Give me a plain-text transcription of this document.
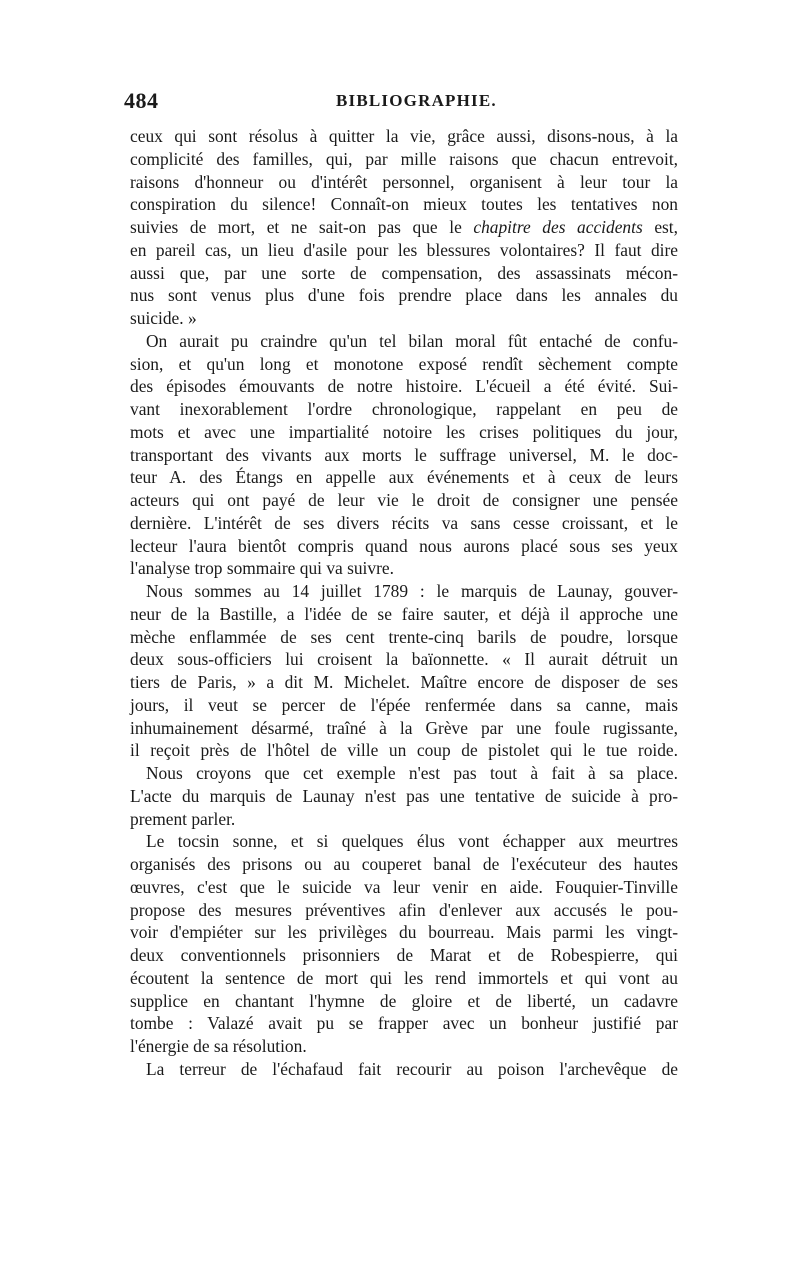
484	BIBLIOGRAPHIE.
ceux qui sont résolus à quitter la vie, grâce aussi, disons-nous, à la
complicité des familles, qui, par mille raisons que chacun entrevoit,
raisons d'honneur ou d'intérêt personnel, organisent à leur tour la
conspiration du silence! Connaît-on mieux toutes les tentatives non
suivies de mort, et ne sait-on pas que le chapitre des accidents est,
en pareil cas, un lieu d'asile pour les blessures volontaires? Il faut dire
aussi que, par une sorte de compensation, des assassinats mécon-
nus sont venus plus d'une fois prendre place dans les annales du
suicide. »
On aurait pu craindre qu'un tel bilan moral fût entaché de confu-
sion, et qu'un long et monotone exposé rendît sèchement compte
des épisodes émouvants de notre histoire. L'écueil a été évité. Sui-
vant inexorablement l'ordre chronologique, rappelant en peu de
mots et avec une impartialité notoire les crises politiques du jour,
transportant des vivants aux morts le suffrage universel, M. le doc-
teur A. des Étangs en appelle aux événements et à ceux de leurs
acteurs qui ont payé de leur vie le droit de consigner une pensée
dernière. L'intérêt de ses divers récits va sans cesse croissant, et le
lecteur l'aura bientôt compris quand nous aurons placé sous ses yeux
l'analyse trop sommaire qui va suivre.
Nous sommes au 14 juillet 1789 : le marquis de Launay, gouver-
neur de la Bastille, a l'idée de se faire sauter, et déjà il approche une
mèche enflammée de ses cent trente-cinq barils de poudre, lorsque
deux sous-officiers lui croisent la baïonnette. « Il aurait détruit un
tiers de Paris, » a dit M. Michelet. Maître encore de disposer de ses
jours, il veut se percer de l'épée renfermée dans sa canne, mais
inhumainement désarmé, traîné à la Grève par une foule rugissante,
il reçoit près de l'hôtel de ville un coup de pistolet qui le tue roide.
Nous croyons que cet exemple n'est pas tout à fait à sa place.
L'acte du marquis de Launay n'est pas une tentative de suicide à pro-
prement parler.
Le tocsin sonne, et si quelques élus vont échapper aux meurtres
organisés des prisons ou au couperet banal de l'exécuteur des hautes
œuvres, c'est que le suicide va leur venir en aide. Fouquier-Tinville
propose des mesures préventives afin d'enlever aux accusés le pou-
voir d'empiéter sur les privilèges du bourreau. Mais parmi les vingt-
deux conventionnels prisonniers de Marat et de Robespierre, qui
écoutent la sentence de mort qui les rend immortels et qui vont au
supplice en chantant l'hymne de gloire et de liberté, un cadavre
tombe : Valazé avait pu se frapper avec un bonheur justifié par
l'énergie de sa résolution.
La terreur de l'échafaud fait recourir au poison l'archevêque de
